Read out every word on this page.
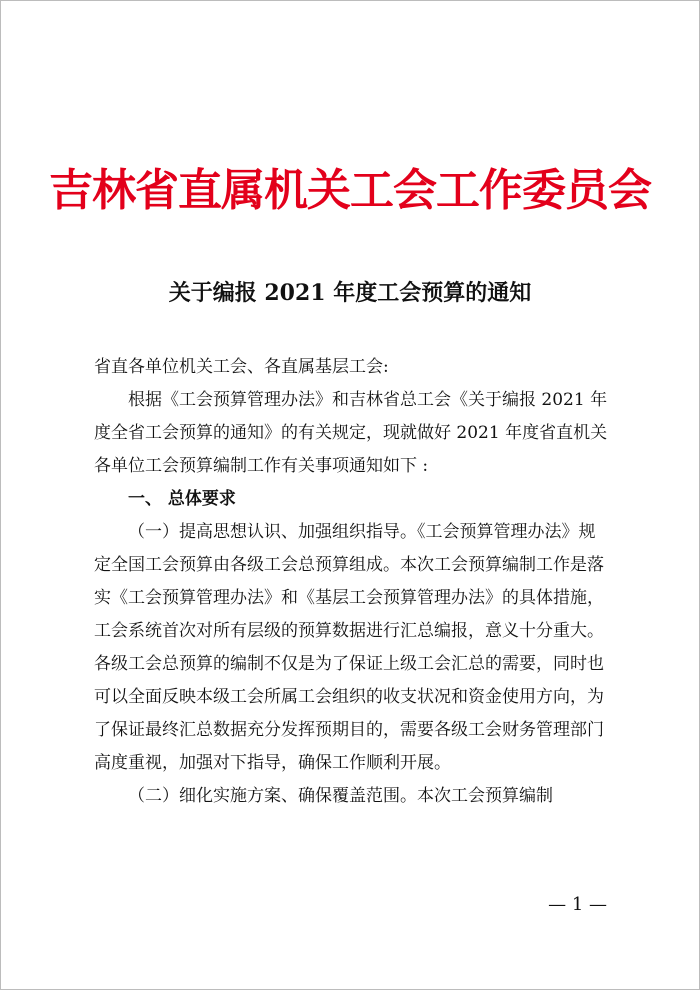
吉林省直属机关工会工作委员会
关于编报 2021 年度工会预算的通知

省直各单位机关工会、各直属基层工会:

根据《工会预算管理办法》和吉林省总工会《关于编报 2021 年度全省工会预算的通知》的有关规定，现就做好 2021 年度省直机关各单位工会预算编制工作有关事项通知如下 :

一、 总体要求

（一）提高思想认识、加强组织指导。《工会预算管理办法》规定全国工会预算由各级工会总预算组成。本次工会预算编制工作是落实《工会预算管理办法》和《基层工会预算管理办法》的具体措施，工会系统首次对所有层级的预算数据进行汇总编报，意义十分重大。各级工会总预算的编制不仅是为了保证上级工会汇总的需要，同时也可以全面反映本级工会所属工会组织的收支状况和资金使用方向，为了保证最终汇总数据充分发挥预期目的，需要各级工会财务管理部门高度重视，加强对下指导，确保工作顺利开展。

（二）细化实施方案、确保覆盖范围。本次工会预算编制

— 1 —
